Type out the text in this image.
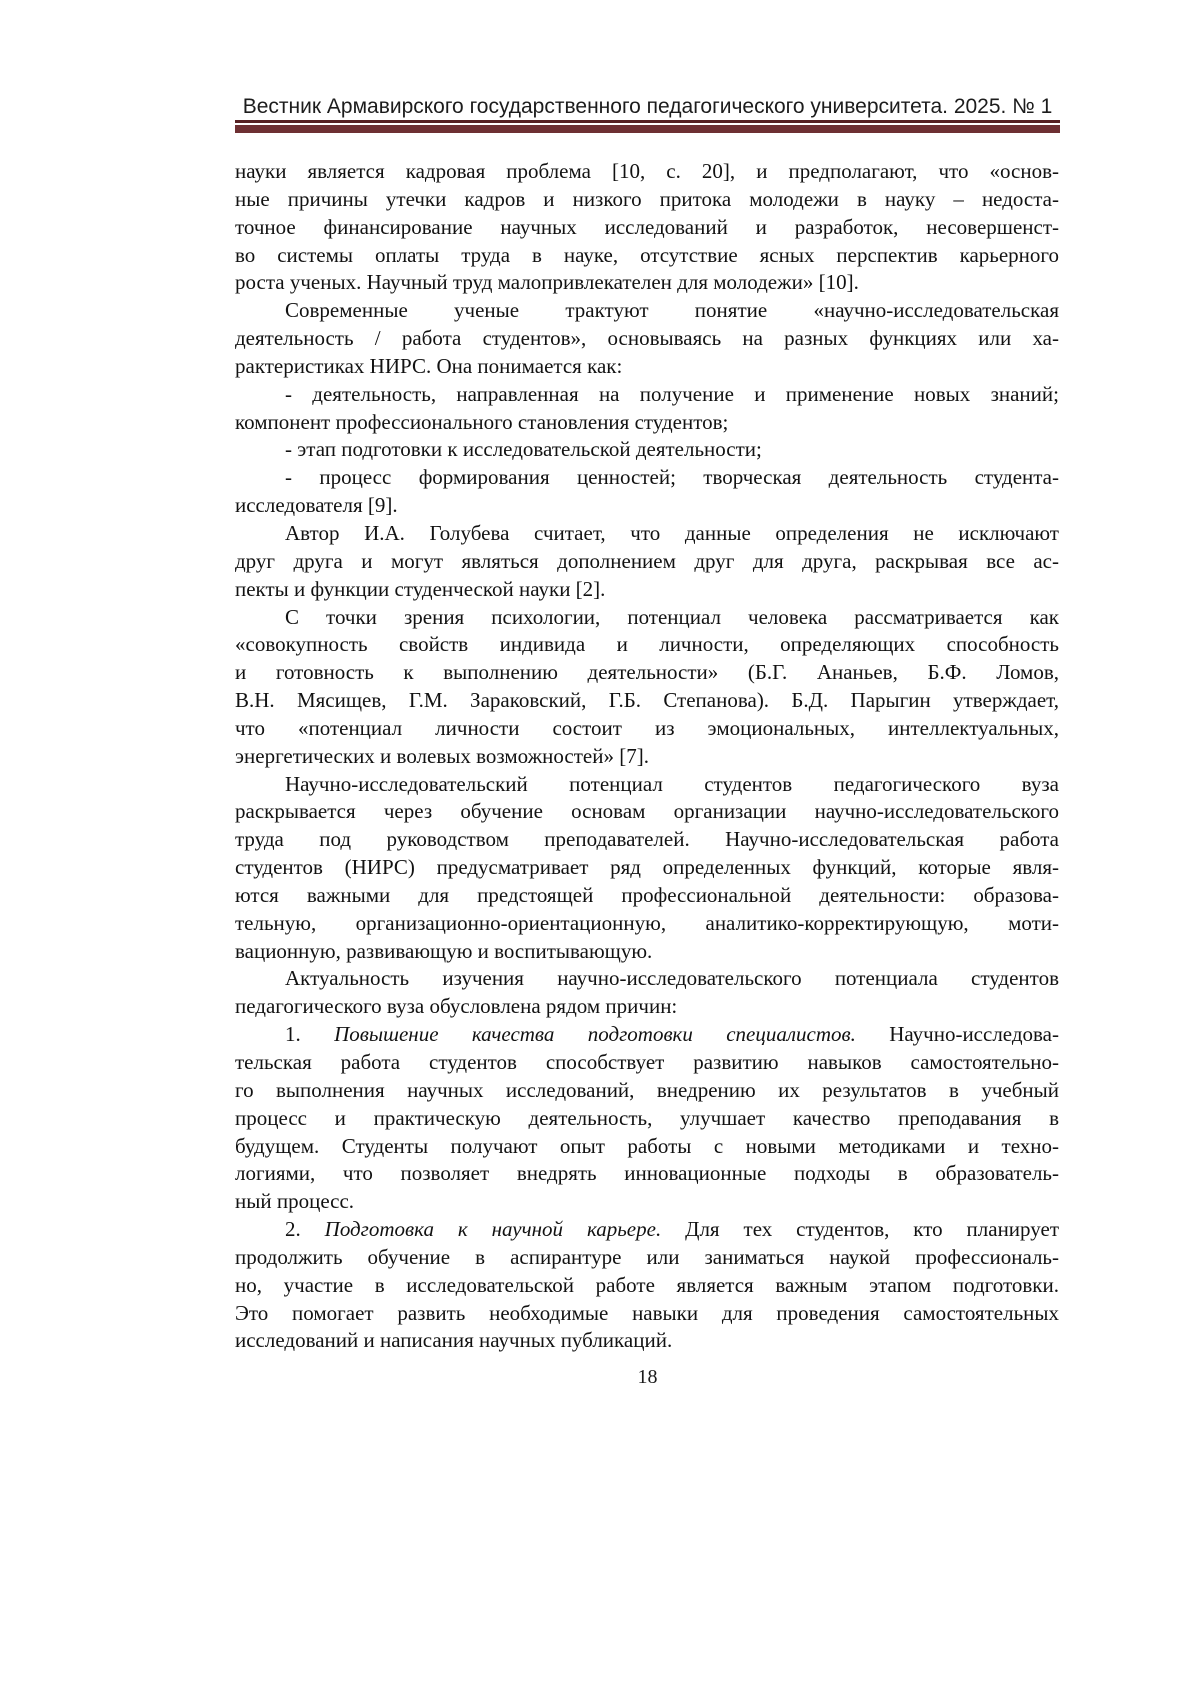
Вестник Армавирского государственного педагогического университета. 2025. № 1
науки является кадровая проблема [10, с. 20], и предполагают, что «основ-
ные причины утечки кадров и низкого притока молодежи в науку – недоста-
точное финансирование научных исследований и разработок, несовершенст-
во системы оплаты труда в науке, отсутствие ясных перспектив карьерного
роста ученых. Научный труд малопривлекателен для молодежи» [10].
Современные ученые трактуют понятие «научно-исследовательская
деятельность / работа студентов», основываясь на разных функциях или ха-
рактеристиках НИРС. Она понимается как:
- деятельность, направленная на получение и применение новых знаний;
компонент профессионального становления студентов;
- этап подготовки к исследовательской деятельности;
- процесс формирования ценностей; творческая деятельность студента-
исследователя [9].
Автор И.А. Голубева считает, что данные определения не исключают
друг друга и могут являться дополнением друг для друга, раскрывая все ас-
пекты и функции студенческой науки [2].
С точки зрения психологии, потенциал человека рассматривается как
«совокупность свойств индивида и личности, определяющих способность
и готовность к выполнению деятельности» (Б.Г. Ананьев, Б.Ф. Ломов,
В.Н. Мясищев, Г.М. Зараковский, Г.Б. Степанова). Б.Д. Парыгин утверждает,
что «потенциал личности состоит из эмоциональных, интеллектуальных,
энергетических и волевых возможностей» [7].
Научно-исследовательский потенциал студентов педагогического вуза
раскрывается через обучение основам организации научно-исследовательского
труда под руководством преподавателей. Научно-исследовательская работа
студентов (НИРС) предусматривает ряд определенных функций, которые явля-
ются важными для предстоящей профессиональной деятельности: образова-
тельную, организационно-ориентационную, аналитико-корректирующую, моти-
вационную, развивающую и воспитывающую.
Актуальность изучения научно-исследовательского потенциала студентов
педагогического вуза обусловлена рядом причин:
1. Повышение качества подготовки специалистов. Научно-исследова-
тельская работа студентов способствует развитию навыков самостоятельно-
го выполнения научных исследований, внедрению их результатов в учебный
процесс и практическую деятельность, улучшает качество преподавания в
будущем. Студенты получают опыт работы с новыми методиками и техно-
логиями, что позволяет внедрять инновационные подходы в образователь-
ный процесс.
2. Подготовка к научной карьере. Для тех студентов, кто планирует
продолжить обучение в аспирантуре или заниматься наукой профессиональ-
но, участие в исследовательской работе является важным этапом подготовки.
Это помогает развить необходимые навыки для проведения самостоятельных
исследований и написания научных публикаций.
18
